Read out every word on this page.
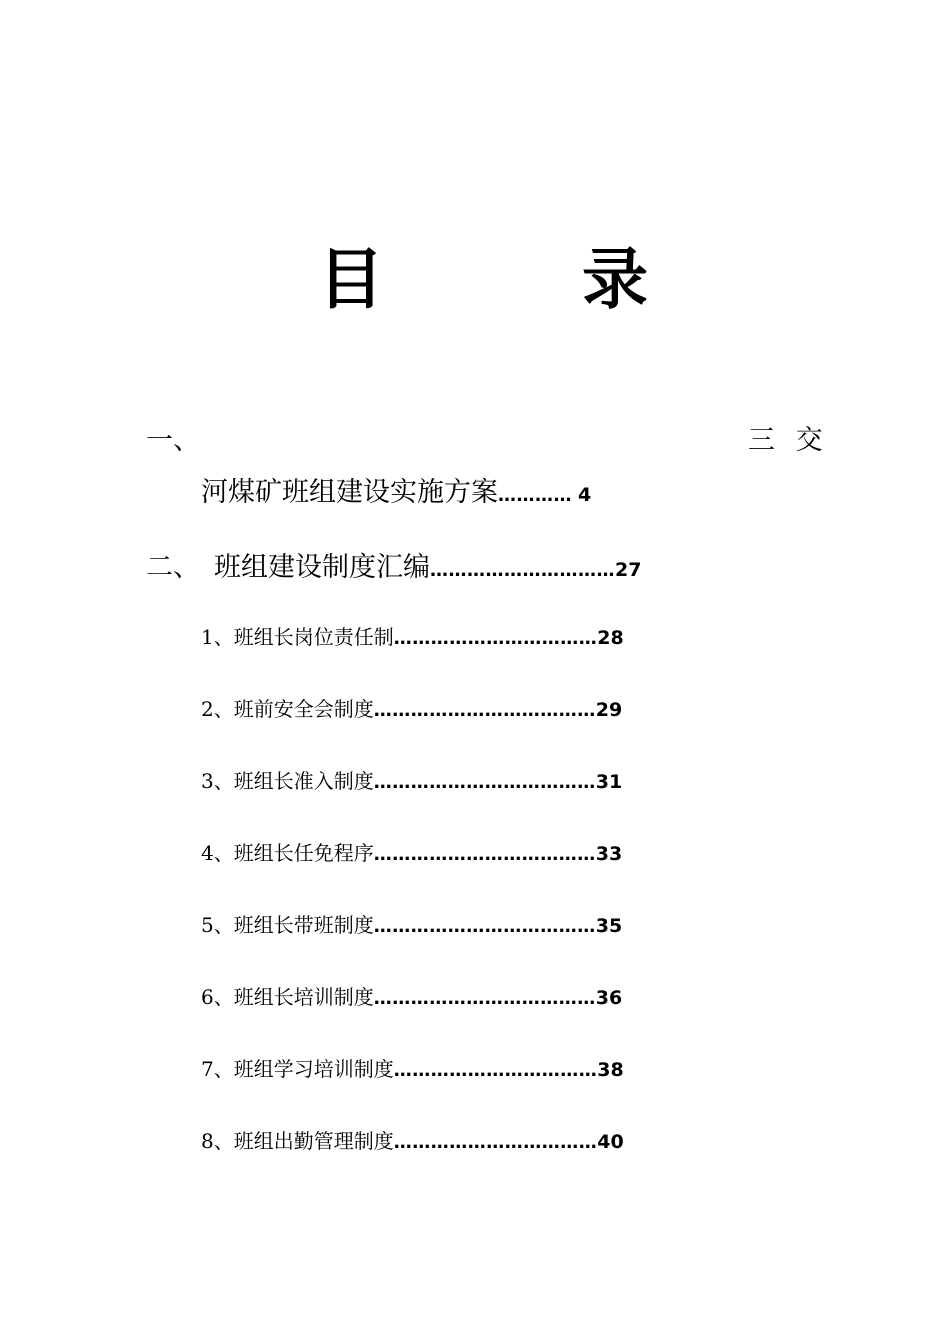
目	录
一、	三 交
河煤矿班组建设实施方案………… 4
二、 班组建设制度汇编…………………………27
1、班组长岗位责任制……………………………28
2、班前安全会制度………………………………29
3、班组长准入制度………………………………31
4、班组长任免程序………………………………33
5、班组长带班制度………………………………35
6、班组长培训制度………………………………36
7、班组学习培训制度……………………………38
8、班组出勤管理制度……………………………40
